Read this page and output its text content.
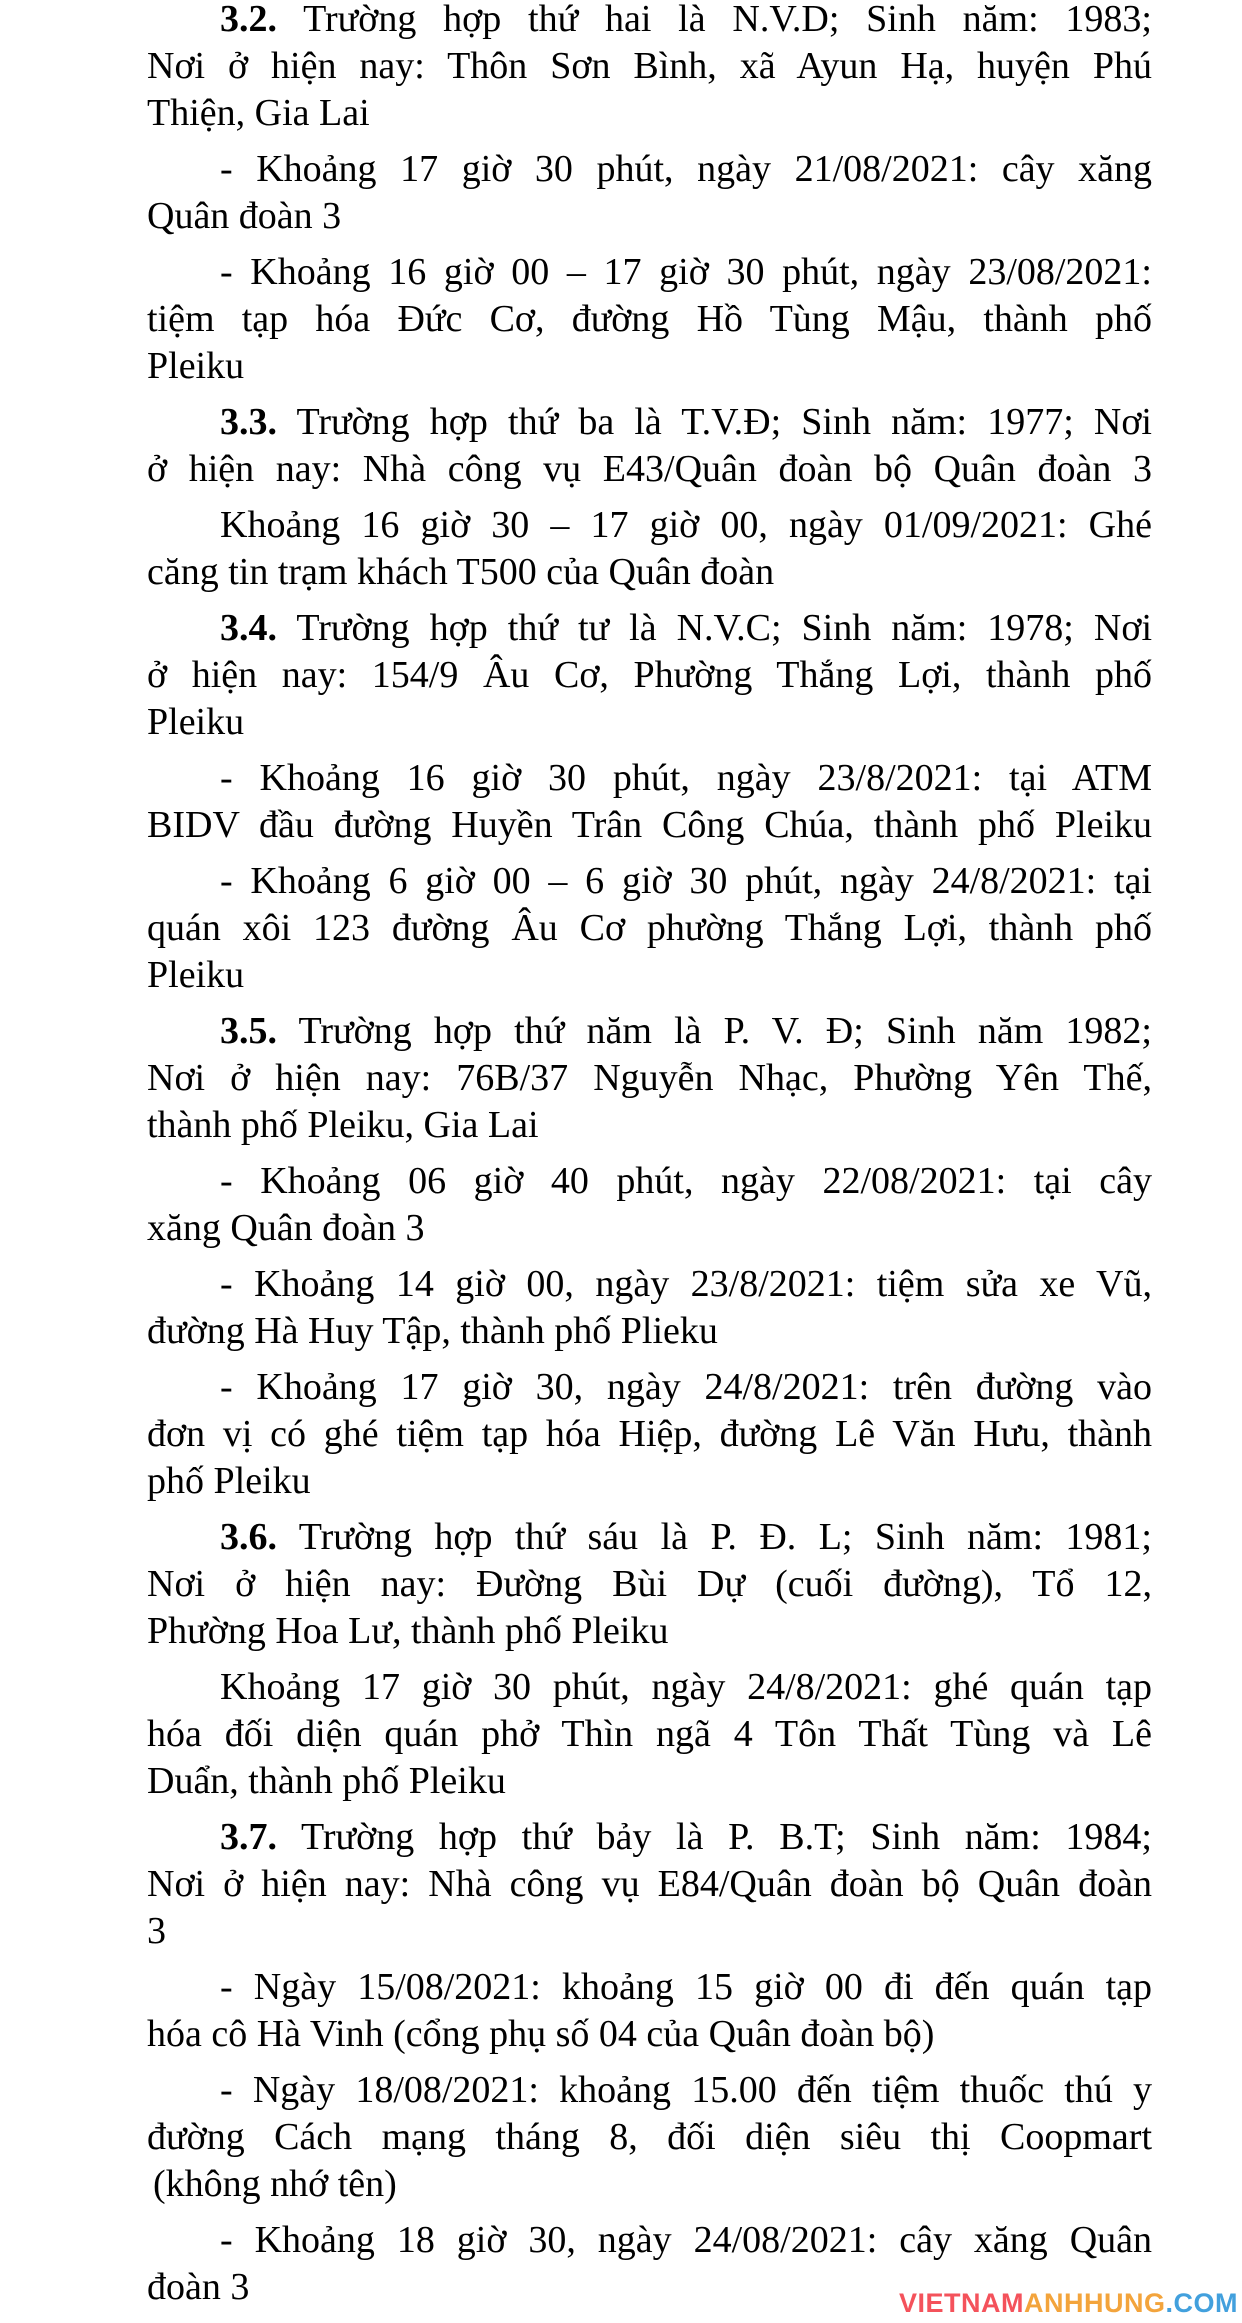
3.2. Trường hợp thứ hai là N.V.D; Sinh năm: 1983;
Nơi ở hiện nay: Thôn Sơn Bình, xã Ayun Hạ, huyện Phú
Thiện, Gia Lai
- Khoảng 17 giờ 30 phút, ngày 21/08/2021: cây xăng
Quân đoàn 3
- Khoảng 16 giờ 00 – 17 giờ 30 phút, ngày 23/08/2021:
tiệm tạp hóa Đức Cơ, đường Hồ Tùng Mậu, thành phố
Pleiku
3.3. Trường hợp thứ ba là T.V.Đ; Sinh năm: 1977; Nơi
ở hiện nay: Nhà công vụ E43/Quân đoàn bộ Quân đoàn 3
Khoảng 16 giờ 30 – 17 giờ 00, ngày 01/09/2021: Ghé
căng tin trạm khách T500 của Quân đoàn
3.4. Trường hợp thứ tư là N.V.C; Sinh năm: 1978; Nơi
ở hiện nay: 154/9 Âu Cơ, Phường Thắng Lợi, thành phố
Pleiku
- Khoảng 16 giờ 30 phút, ngày 23/8/2021: tại ATM
BIDV đầu đường Huyền Trân Công Chúa, thành phố Pleiku
- Khoảng 6 giờ 00 – 6 giờ 30 phút, ngày 24/8/2021: tại
quán xôi 123 đường Âu Cơ phường Thắng Lợi, thành phố
Pleiku
3.5. Trường hợp thứ năm là P. V. Đ; Sinh năm 1982;
Nơi ở hiện nay: 76B/37 Nguyễn Nhạc, Phường Yên Thế,
thành phố Pleiku, Gia Lai
- Khoảng 06 giờ 40 phút, ngày 22/08/2021: tại cây
xăng Quân đoàn 3
- Khoảng 14 giờ 00, ngày 23/8/2021: tiệm sửa xe Vũ,
đường Hà Huy Tập, thành phố Plieku
- Khoảng 17 giờ 30, ngày 24/8/2021: trên đường vào
đơn vị có ghé tiệm tạp hóa Hiệp, đường Lê Văn Hưu, thành
phố Pleiku
3.6. Trường hợp thứ sáu là P. Đ. L; Sinh năm: 1981;
Nơi ở hiện nay: Đường Bùi Dự (cuối đường), Tổ 12,
Phường Hoa Lư, thành phố Pleiku
Khoảng 17 giờ 30 phút, ngày 24/8/2021: ghé quán tạp
hóa đối diện quán phở Thìn ngã 4 Tôn Thất Tùng và Lê
Duẩn, thành phố Pleiku
3.7. Trường hợp thứ bảy là P. B.T; Sinh năm: 1984;
Nơi ở hiện nay: Nhà công vụ E84/Quân đoàn bộ Quân đoàn
3
- Ngày 15/08/2021: khoảng 15 giờ 00 đi đến quán tạp
hóa cô Hà Vinh (cổng phụ số 04 của Quân đoàn bộ)
- Ngày 18/08/2021: khoảng 15.00 đến tiệm thuốc thú y
đường Cách mạng tháng 8, đối diện siêu thị Coopmart
(không nhớ tên)
- Khoảng 18 giờ 30, ngày 24/08/2021: cây xăng Quân
đoàn 3	VIETNAMANHHUNG.COM
